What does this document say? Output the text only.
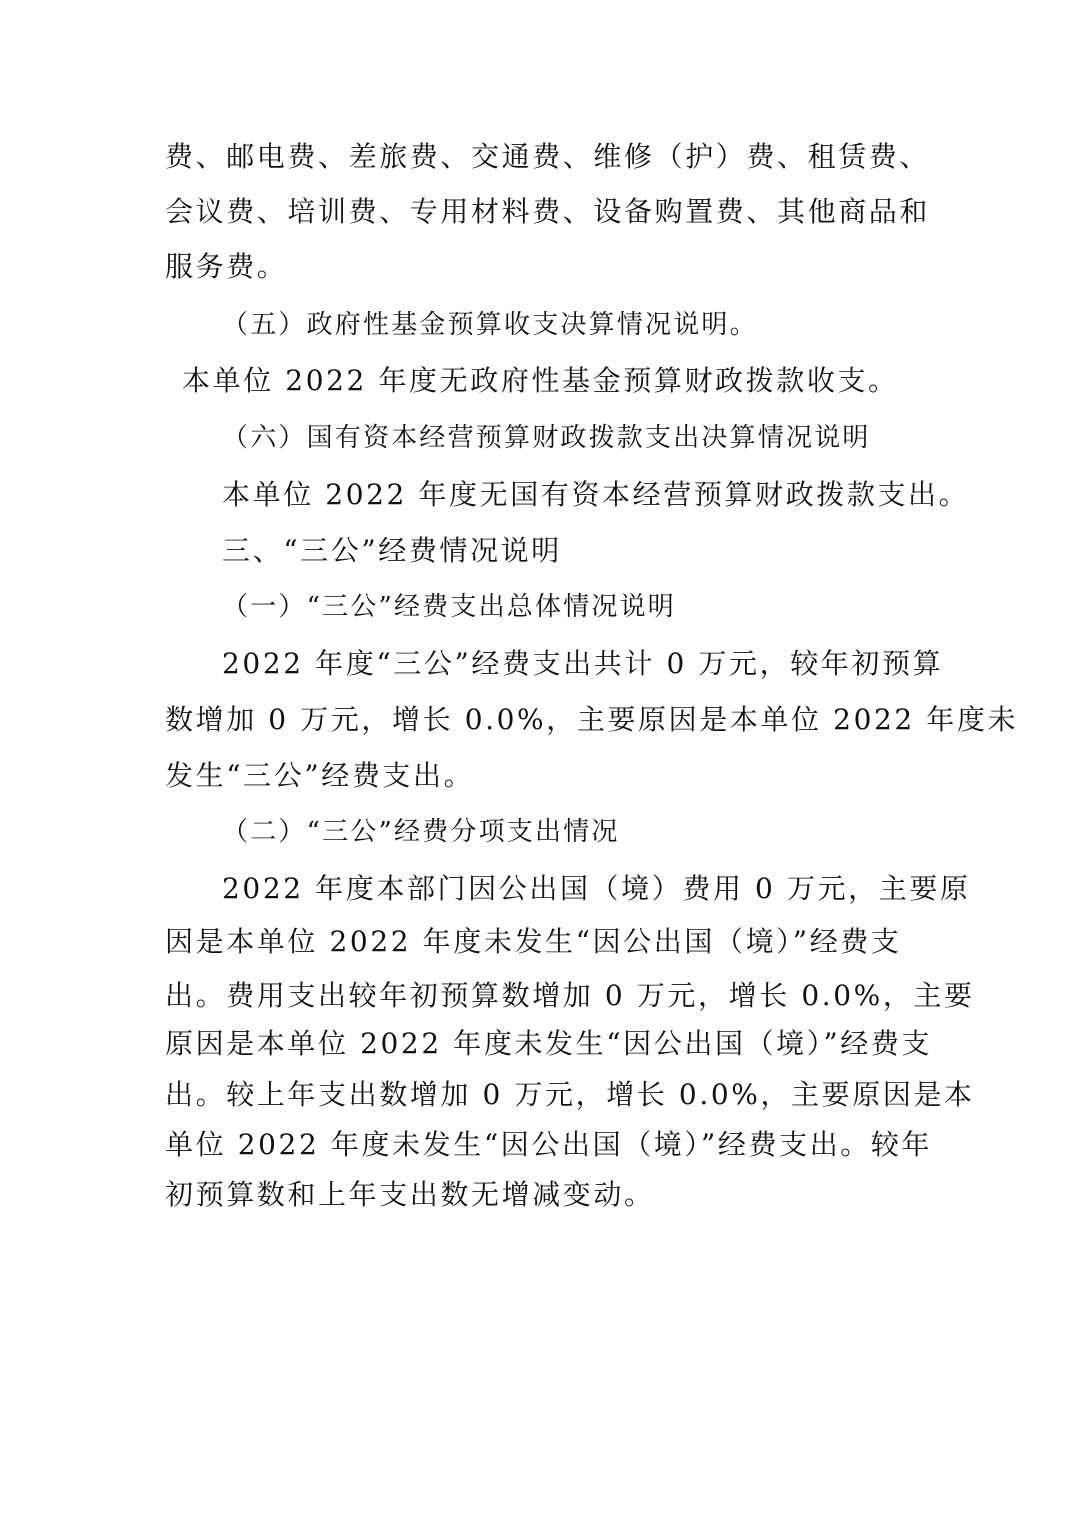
费、邮电费、差旅费、交通费、维修（护）费、租赁费、
会议费、培训费、专用材料费、设备购置费、其他商品和
服务费。
（五）政府性基金预算收支决算情况说明。
本单位 2022 年度无政府性基金预算财政拨款收支。
（六）国有资本经营预算财政拨款支出决算情况说明
本单位 2022 年度无国有资本经营预算财政拨款支出。
三、“三公”经费情况说明
（一）“三公”经费支出总体情况说明
2022 年度“三公”经费支出共计 0 万元，较年初预算
数增加 0 万元，增长 0.0%，主要原因是本单位 2022 年度未
发生“三公”经费支出。
（二）“三公”经费分项支出情况
2022 年度本部门因公出国（境）费用 0 万元，主要原
因是本单位 2022 年度未发生“因公出国（境）”经费支
出。费用支出较年初预算数增加 0 万元，增长 0.0%，主要
原因是本单位 2022 年度未发生“因公出国（境）”经费支
出。较上年支出数增加 0 万元，增长 0.0%，主要原因是本
单位 2022 年度未发生“因公出国（境）”经费支出。较年
初预算数和上年支出数无增减变动。
